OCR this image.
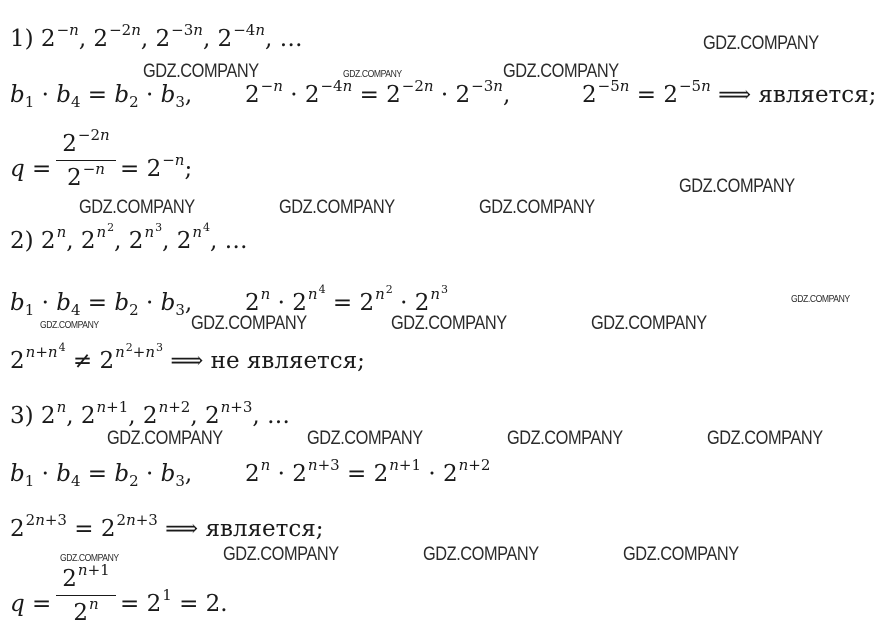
1) $2^{-n}$, $2^{-2n}$, $2^{-3n}$, $2^{-4n}$, …
$b_1 \cdot b_4 = b_2 \cdot b_3$, $2^{-n} \cdot 2^{-4n} = 2^{-2n} \cdot 2^{-3n}$,	$2^{-5n} = 2^{-5n}$ ⟹ является;
q =
$2^{-2n}$
$2^{-n} = 2^{-n}$;
2) 2$^n$, $2^{n^2}$, $2^{n^3}$, $2^{n^4}$, …
$b_1 \cdot b_4 = b_2 \cdot b_3$, $2^n \cdot 2^{n^4} = 2^{n^2} \cdot 2^{n^3}$
$2^{n+n^4} \ne 2^{n^2+n^3}$ ⟹ не является;
3) 2$^n$, $2^{n+1}$, $2^{n+2}$, $2^{n+3}$, …
$b_1 \cdot b_4 = b_2 \cdot b_3$, $2^n \cdot 2^{n+3} = 2^{n+1} \cdot 2^{n+2}$
$2^{2n+3} = 2^{2n+3}$ ⟹ является;
q =
$2^{n+1}$
$2^n = 2^1 = 2$.
GDZ.COMPANY
GDZ.COMPANY	GDZ.COMPANY	GDZ.COMPANY
GDZ.COMPANY
GDZ.COMPANY	GDZ.COMPANY	GDZ.COMPANY
GDZ.COMPANY
GDZ.COMPANY	GDZ.COMPANY	GDZ.COMPANY	GDZ.COMPANY
GDZ.COMPANY	GDZ.COMPANY	GDZ.COMPANY	GDZ.COMPANY
GDZ.COMPANY	GDZ.COMPANY	GDZ.COMPANY	GDZ.COMPANY
